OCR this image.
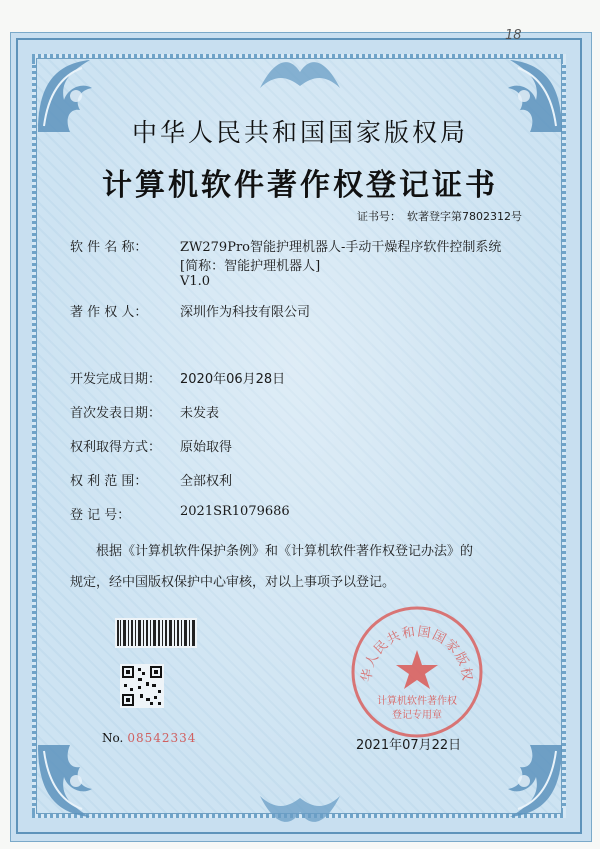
18
中华人民共和国国家版权局
计算机软件著作权登记证书
证书号： 软著登字第7802312号
软 件 名 称：	ZW279Pro智能护理机器人-手动干燥程序软件控制系统
[简称：智能护理机器人]
V1.0
著 作 权 人：	深圳作为科技有限公司
开发完成日期：	2020年06月28日
首次发表日期：	未发表
权利取得方式：	原始取得
权 利 范 围：	全部权利
登 记 号：	2021SR1079686
根据《计算机软件保护条例》和《计算机软件著作权登记办法》的
规定，经中国版权保护中心审核，对以上事项予以登记。
No. 08542334
华人民共和国国家版权
计算机软件著作权
登记专用章
2021年07月22日
